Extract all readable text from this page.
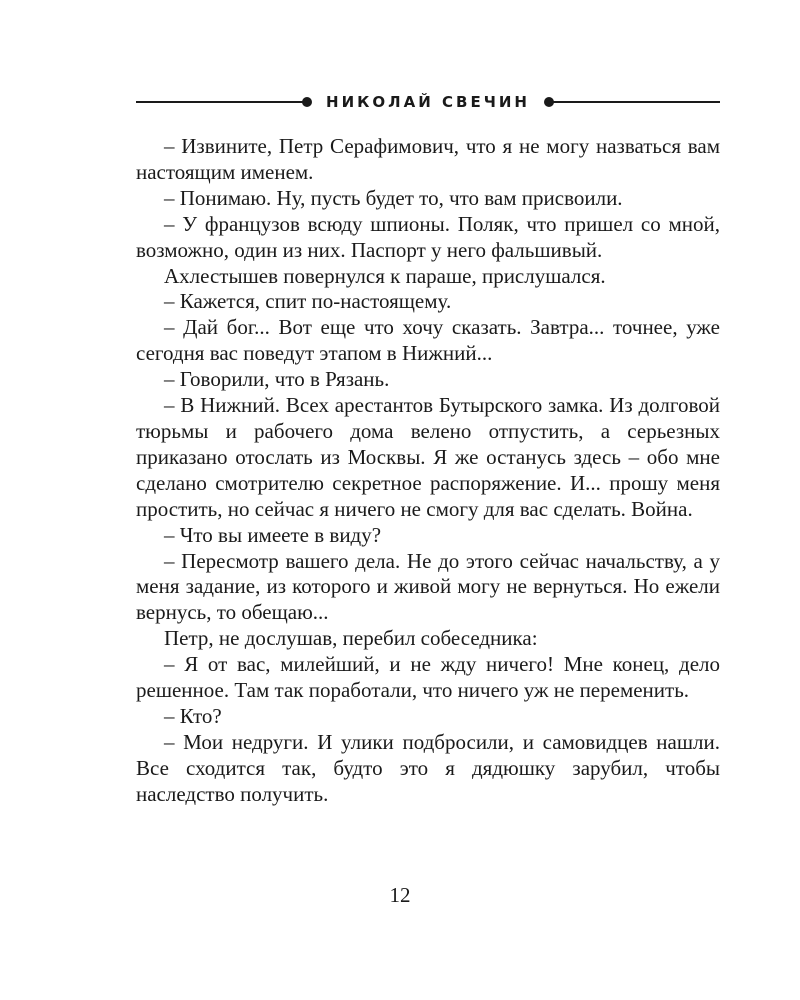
НИКОЛАЙ СВЕЧИН

– Извините, Петр Серафимович, что я не могу назваться вам настоящим именем.

– Понимаю. Ну, пусть будет то, что вам присвоили.

– У французов всюду шпионы. Поляк, что пришел со мной, возможно, один из них. Паспорт у него фальшивый.

Ахлестышев повернулся к параше, прислушался.

– Кажется, спит по-настоящему.

– Дай бог... Вот еще что хочу сказать. Завтра... точнее, уже сегодня вас поведут этапом в Нижний...

– Говорили, что в Рязань.

– В Нижний. Всех арестантов Бутырского замка. Из долговой тюрьмы и рабочего дома велено отпустить, а серьезных приказано отослать из Москвы. Я же останусь здесь – обо мне сделано смотрителю секретное распоряжение. И... прошу меня простить, но сейчас я ничего не смогу для вас сделать. Война.

– Что вы имеете в виду?

– Пересмотр вашего дела. Не до этого сейчас начальству, а у меня задание, из которого и живой могу не вернуться. Но ежели вернусь, то обещаю...

Петр, не дослушав, перебил собеседника:

– Я от вас, милейший, и не жду ничего! Мне конец, дело решенное. Там так поработали, что ничего уж не переменить.

– Кто?

– Мои недруги. И улики подбросили, и самовидцев нашли. Все сходится так, будто это я дядюшку зарубил, чтобы наследство получить.

12
